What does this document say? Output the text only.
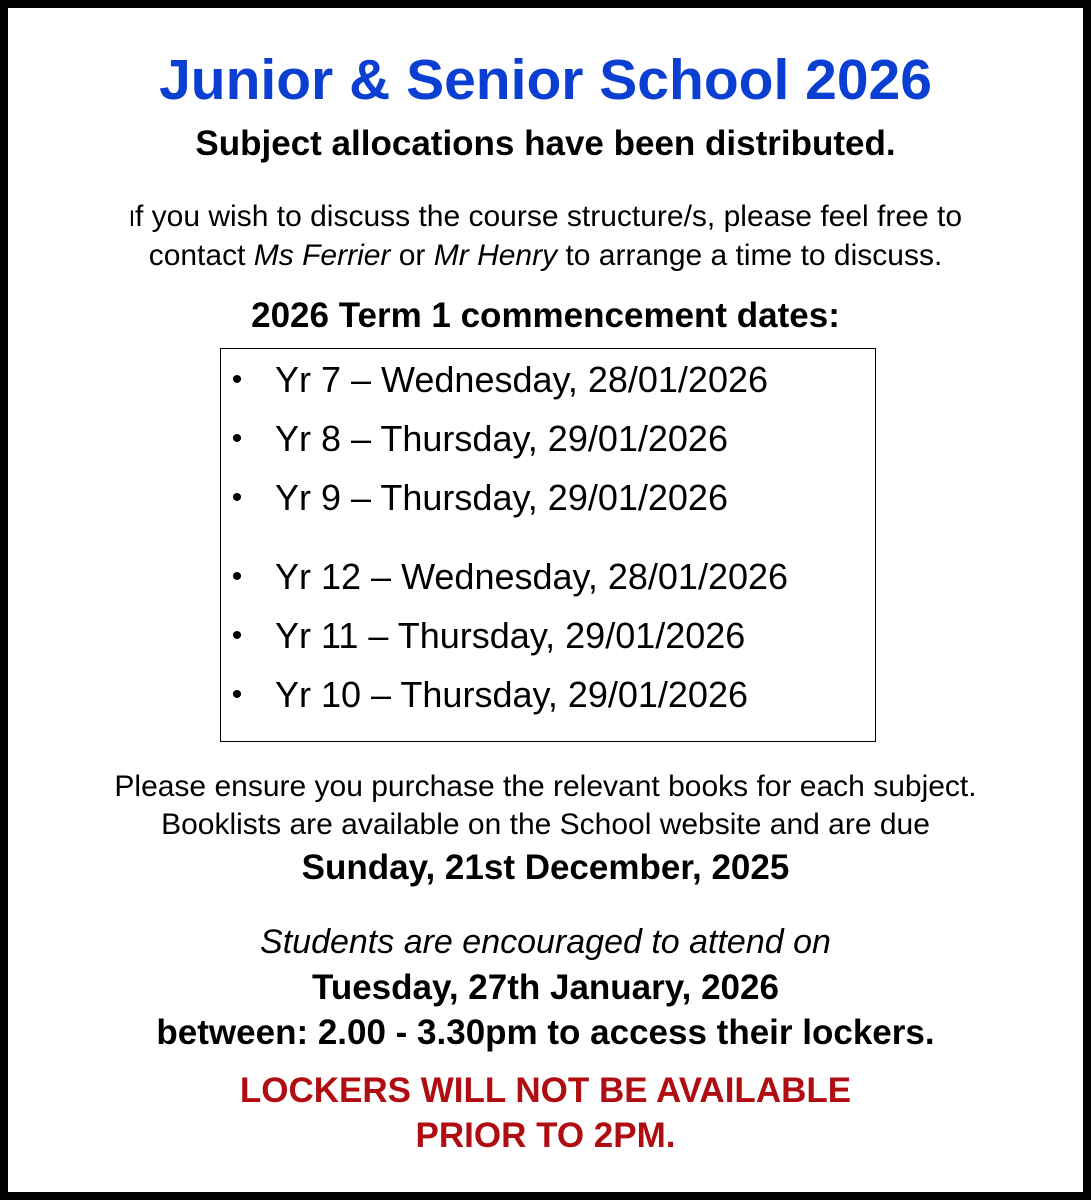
Junior & Senior School 2026
Subject allocations have been distributed.
If you wish to discuss the course structure/s, please feel free to
contact Ms Ferrier or Mr Henry to arrange a time to discuss.
2026 Term 1 commencement dates:
• Yr 7 – Wednesday, 28/01/2026
• Yr 8 – Thursday, 29/01/2026
• Yr 9 – Thursday, 29/01/2026
• Yr 12 – Wednesday, 28/01/2026
• Yr 11 – Thursday, 29/01/2026
• Yr 10 – Thursday, 29/01/2026
Please ensure you purchase the relevant books for each subject.
Booklists are available on the School website and are due
Sunday, 21st December, 2025
Students are encouraged to attend on
Tuesday, 27th January, 2026
between: 2.00 - 3.30pm to access their lockers.
LOCKERS WILL NOT BE AVAILABLE
PRIOR TO 2PM.
